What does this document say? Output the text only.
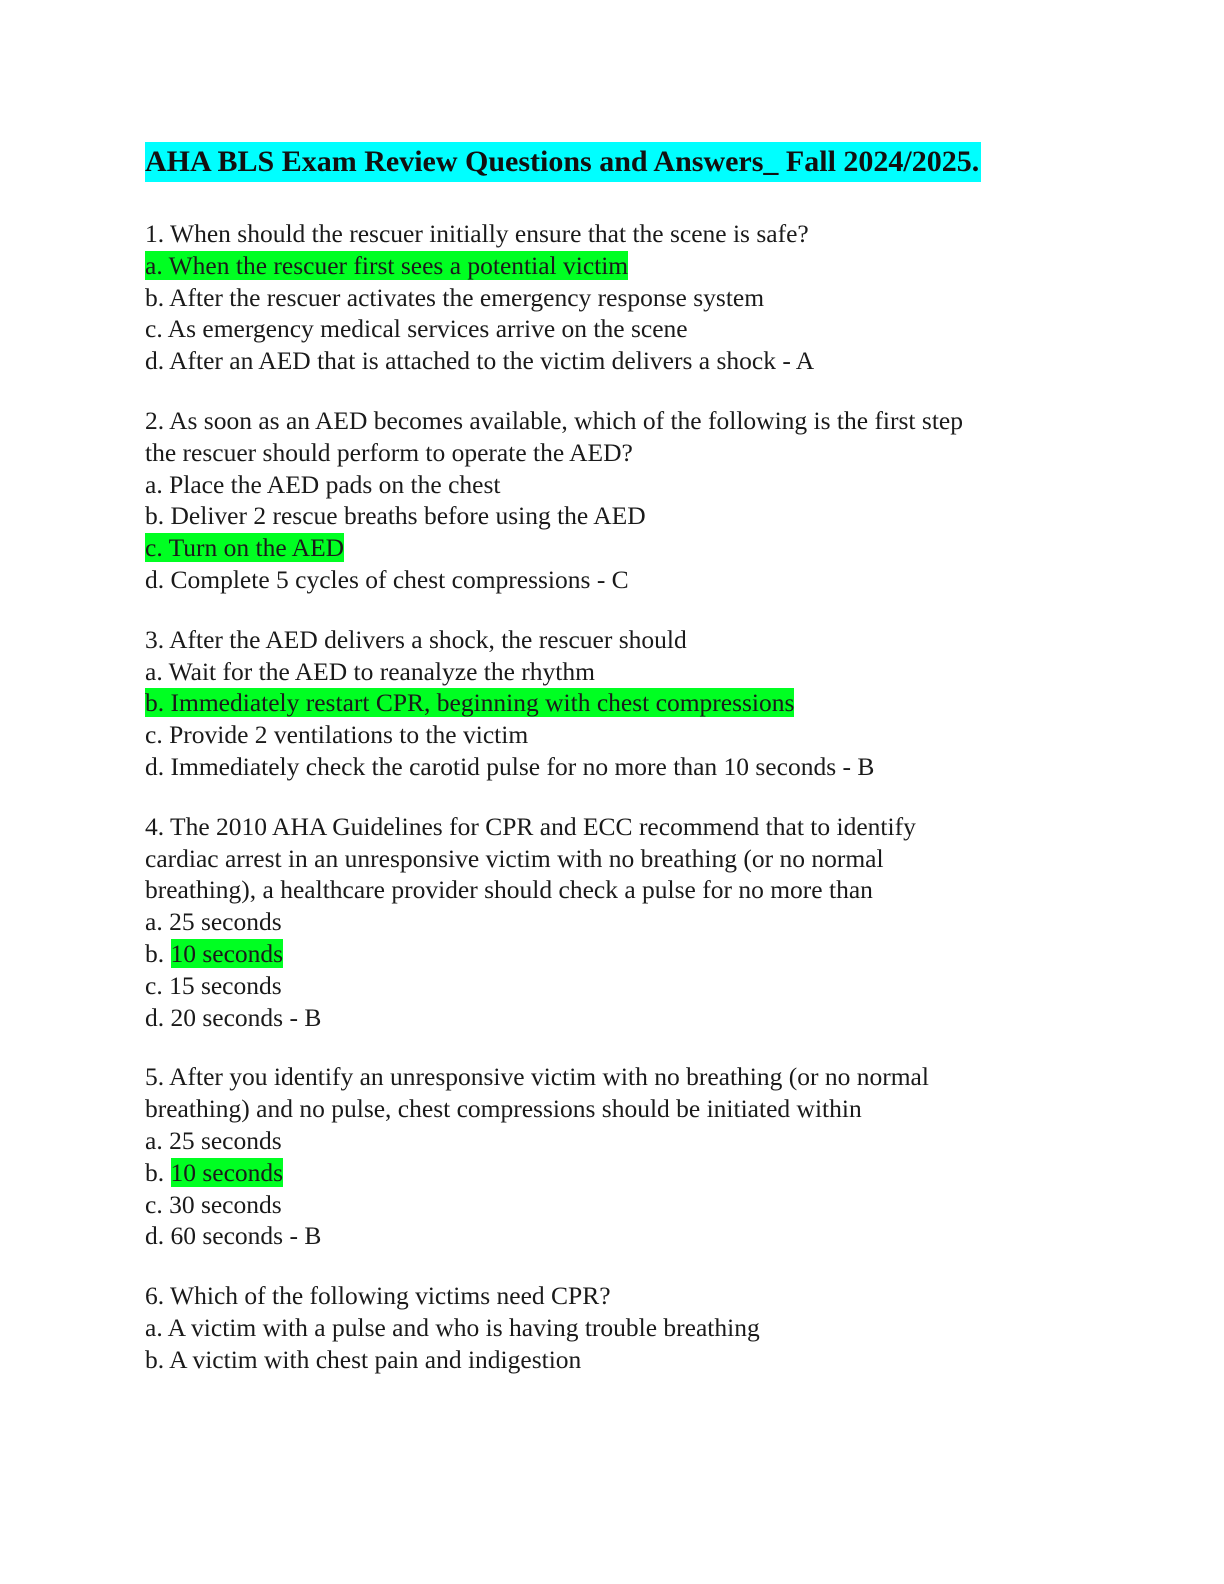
AHA BLS Exam Review Questions and Answers_ Fall 2024/2025.
1. When should the rescuer initially ensure that the scene is safe?
a. When the rescuer first sees a potential victim
b. After the rescuer activates the emergency response system
c. As emergency medical services arrive on the scene
d. After an AED that is attached to the victim delivers a shock - A
2. As soon as an AED becomes available, which of the following is the first step
the rescuer should perform to operate the AED?
a. Place the AED pads on the chest
b. Deliver 2 rescue breaths before using the AED
c. Turn on the AED
d. Complete 5 cycles of chest compressions - C
3. After the AED delivers a shock, the rescuer should
a. Wait for the AED to reanalyze the rhythm
b. Immediately restart CPR, beginning with chest compressions
c. Provide 2 ventilations to the victim
d. Immediately check the carotid pulse for no more than 10 seconds - B
4. The 2010 AHA Guidelines for CPR and ECC recommend that to identify
cardiac arrest in an unresponsive victim with no breathing (or no normal
breathing), a healthcare provider should check a pulse for no more than
a. 25 seconds
b. 10 seconds
c. 15 seconds
d. 20 seconds - B
5. After you identify an unresponsive victim with no breathing (or no normal
breathing) and no pulse, chest compressions should be initiated within
a. 25 seconds
b. 10 seconds
c. 30 seconds
d. 60 seconds - B
6. Which of the following victims need CPR?
a. A victim with a pulse and who is having trouble breathing
b. A victim with chest pain and indigestion
